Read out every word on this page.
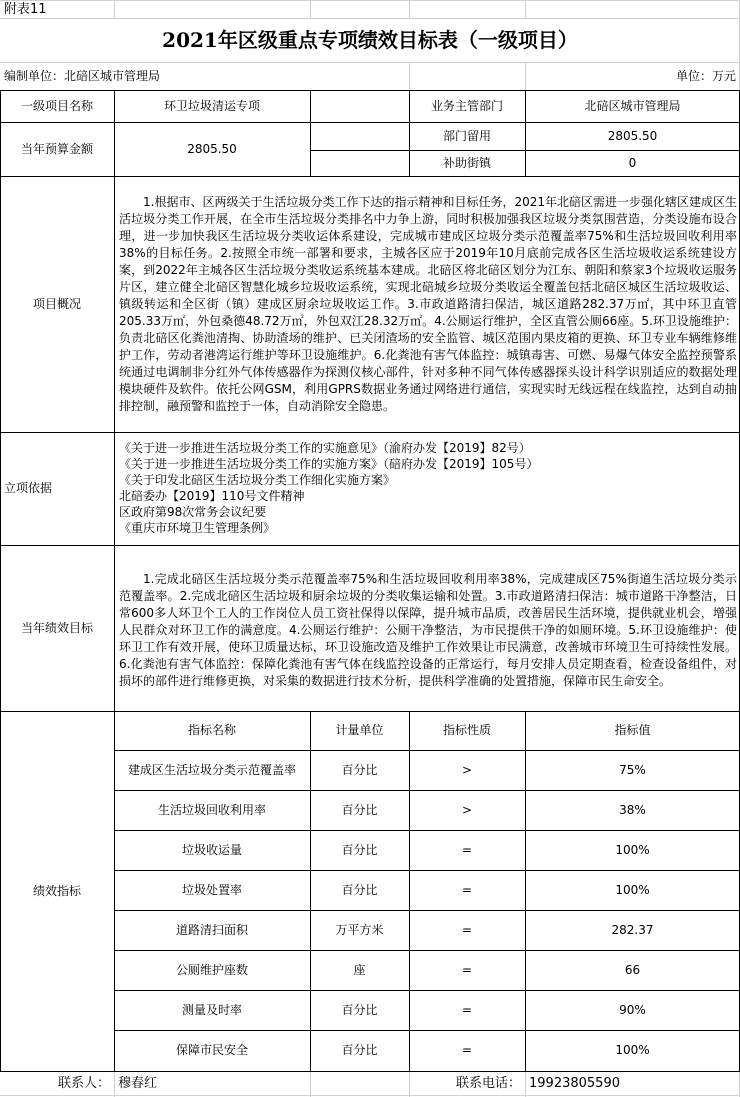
附表11
2021年区级重点专项绩效目标表（一级项目）
编制单位：北碚区城市管理局	单位：万元
一级项目名称	环卫垃圾清运专项	业务主管部门	北碚区城市管理局
当年预算金额	2805.50
部门留用	2805.50
补助街镇	0
项目概况
1.根据市、区两级关于生活垃圾分类工作下达的指示精神和目标任务，2021年北碚区需进一步强化辖区建成区生活垃圾分类工作开展，在全市生活垃圾分类排名中力争上游，同时积极加强我区垃圾分类氛围营造，分类设施布设合理，进一步加快我区生活垃圾分类收运体系建设，完成城市建成区垃圾分类示范覆盖率75%和生活垃圾回收利用率38%的目标任务。2.按照全市统一部署和要求，主城各区应于2019年10月底前完成各区生活垃圾收运系统建设方案，到2022年主城各区生活垃圾分类收运系统基本建成。北碚区将北碚区划分为江东、朝阳和蔡家3个垃圾收运服务片区，建立健全北碚区智慧化城乡垃圾收运系统，实现北碚城乡垃圾分类收运全覆盖包括北碚区城区生活垃圾收运、镇级转运和全区街（镇）建成区厨余垃圾收运工作。3.市政道路清扫保洁，城区道路282.37万㎡，其中环卫直管205.33万㎡，外包桑德48.72万㎡，外包双江28.32万㎡。4.公厕运行维护，全区直管公厕66座。5.环卫设施维护：负责北碚区化粪池清掏、协助渣场的维护、已关闭渣场的安全监管、城区范围内果皮箱的更换、环卫专业车辆维修维护工作，劳动者港湾运行维护等环卫设施维护。6.化粪池有害气体监控：城镇毒害、可燃、易爆气体安全监控预警系统通过电调制非分红外气体传感器作为探测仪核心部件，针对多种不同气体传感器探头设计科学识别适应的数据处理模块硬件及软件。依托公网GSM，利用GPRS数据业务通过网络进行通信，实现实时无线远程在线监控，达到自动抽排控制，融预警和监控于一体，自动消除安全隐患。
立项依据
《关于进一步推进生活垃圾分类工作的实施意见》（渝府办发【2019】82号）
《关于进一步推进生活垃圾分类工作的实施方案》（碚府办发【2019】105号）
《关于印发北碚区生活垃圾分类工作细化实施方案》
北碚委办【2019】110号文件精神
区政府第98次常务会议纪要
《重庆市环境卫生管理条例》
当年绩效目标
1.完成北碚区生活垃圾分类示范覆盖率75%和生活垃圾回收利用率38%，完成建成区75%街道生活垃圾分类示范覆盖率。2.完成北碚区生活垃圾和厨余垃圾的分类收集运输和处置。3.市政道路清扫保洁：城市道路干净整洁，日常600多人环卫个工人的工作岗位人员工资社保得以保障，提升城市品质，改善居民生活环境，提供就业机会，增强人民群众对环卫工作的满意度。4.公厕运行维护：公厕干净整洁，为市民提供干净的如厕环境。5.环卫设施维护：使环卫工作有效开展，使环卫质量达标，环卫设施改造及维护工作效果让市民满意，改善城市环境卫生可持续性发展。6.化粪池有害气体监控：保障化粪池有害气体在线监控设备的正常运行，每月安排人员定期查看，检查设备组件，对损坏的部件进行维修更换，对采集的数据进行技术分析，提供科学准确的处置措施，保障市民生命安全。
绩效指标
指标名称	计量单位	指标性质	指标值
建成区生活垃圾分类示范覆盖率	百分比	>	75%
生活垃圾回收利用率	百分比	>	38%
垃圾收运量	百分比	=	100%
垃圾处置率	百分比	=	100%
道路清扫面积	万平方米	=	282.37
公厕维护座数	座	=	66
测量及时率	百分比	=	90%
保障市民安全	百分比	=	100%
联系人： 穆春红	联系电话： 19923805590
